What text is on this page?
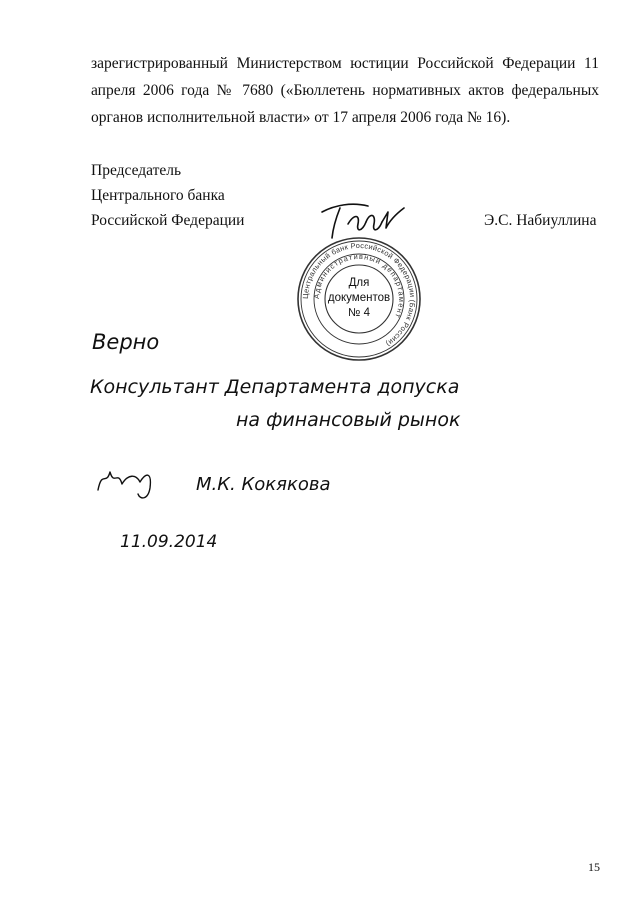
зарегистрированный Министерством юстиции Российской Федерации 11

апреля 2006 года № 7680 («Бюллетень нормативных актов федеральных

органов исполнительной власти» от 17 апреля 2006 года № 16).

Председатель
Центрального банка
Российской Федерации	Э.С. Набиуллина
Центральный банк Российской Федерации (Банк России)
Административный департамент
Для
документов
№ 4
Верно
Консультант Департамента допуска
на финансовый рынок
М.К. Кокякова
11.09.2014
15
